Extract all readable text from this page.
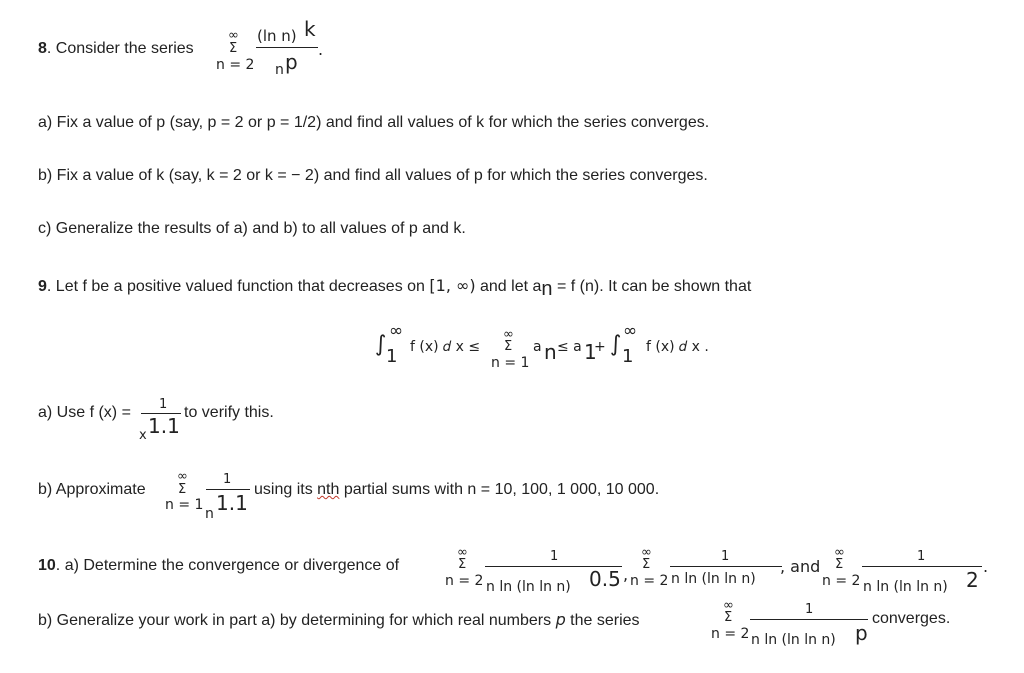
8. Consider the series
∞
Σ
n = 2
(ln n) k
n p
.
a) Fix a value of p (say, p = 2 or p = 1/2) and find all values of k for which the series converges.
b) Fix a value of k (say, k = 2 or k = − 2) and find all values of p for which the series converges.
c) Generalize the results of a) and b) to all values of p and k.
9. Let f be a positive valued function that decreases on [1, ∞) and let an = f (n). It can be shown that
∫ 1
∞
f (x) 𝑑 x ≤
∞
Σ
n = 1
a n ≤ a 1
+ ∫ 1
∞
f (x) 𝑑 x .
a) Use f (x) = 1
x 1.1
to verify this.
b) Approximate
∞
Σ
n = 1
1
n 1.1
using its nth partial sums with n = 10, 100, 1 000, 10 000.
10. a) Determine the convergence or divergence of
∞
Σ
n = 2
1
n ln (ln ln n) 0.5 ,
∞
Σ
n = 2
1
n ln (ln ln n)
, and
∞
Σ
n = 2
1
n ln (ln ln n) 2
.
b) Generalize your work in part a) by determining for which real numbers p the series
∞
Σ
n = 2
1
n ln (ln ln n) p
converges.
